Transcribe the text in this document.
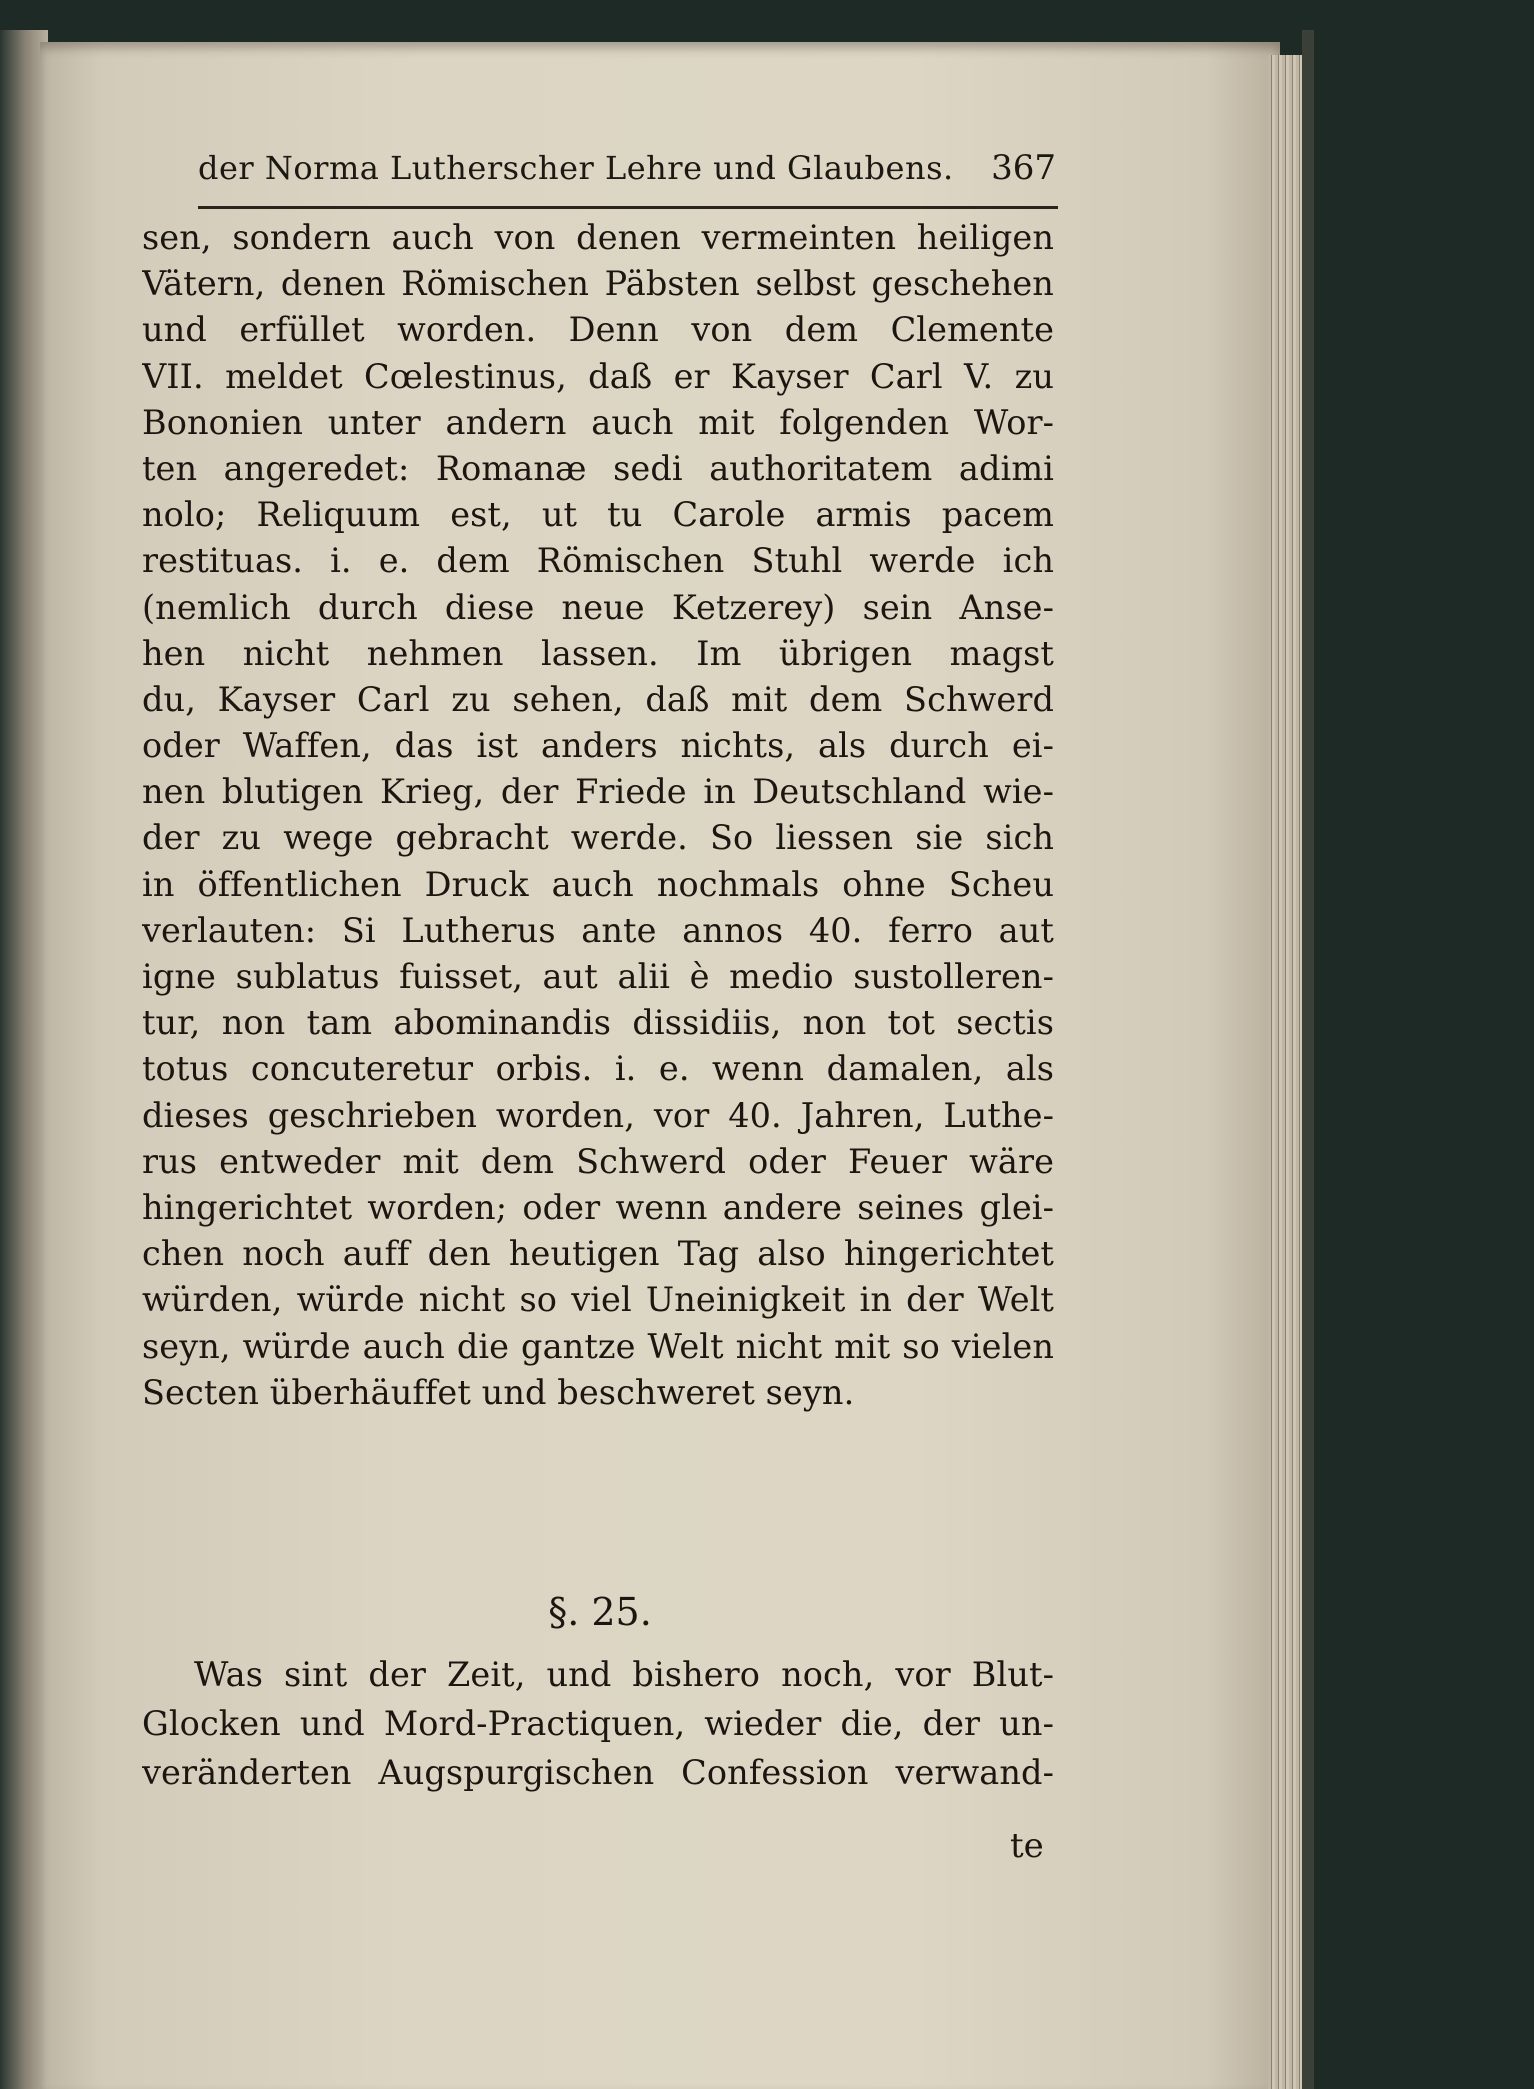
der Norma Lutherscher Lehre und Glaubens. 367
sen, sondern auch von denen vermeinten heiligen
Vätern, denen Römischen Päbsten selbst geschehen
und erfüllet worden. Denn von dem Clemente
VII. meldet Cœlestinus, daß er Kayser Carl V. zu
Bononien unter andern auch mit folgenden Wor-
ten angeredet: Romanæ sedi authoritatem adimi
nolo; Reliquum est, ut tu Carole armis pacem
restituas. i. e. dem Römischen Stuhl werde ich
(nemlich durch diese neue Ketzerey) sein Anse-
hen nicht nehmen lassen. Im übrigen magst
du, Kayser Carl zu sehen, daß mit dem Schwerd
oder Waffen, das ist anders nichts, als durch ei-
nen blutigen Krieg, der Friede in Deutschland wie-
der zu wege gebracht werde. So liessen sie sich
in öffentlichen Druck auch nochmals ohne Scheu
verlauten: Si Lutherus ante annos 40. ferro aut
igne sublatus fuisset, aut alii è medio sustolleren-
tur, non tam abominandis dissidiis, non tot sectis
totus concuteretur orbis. i. e. wenn damalen, als
dieses geschrieben worden, vor 40. Jahren, Luthe-
rus entweder mit dem Schwerd oder Feuer wäre
hingerichtet worden; oder wenn andere seines glei-
chen noch auff den heutigen Tag also hingerichtet
würden, würde nicht so viel Uneinigkeit in der Welt
seyn, würde auch die gantze Welt nicht mit so vielen
Secten überhäuffet und beschweret seyn.
§. 25.
Was sint der Zeit, und bishero noch, vor Blut-
Glocken und Mord-Practiquen, wieder die, der un-
veränderten Augspurgischen Confession verwand-
te
